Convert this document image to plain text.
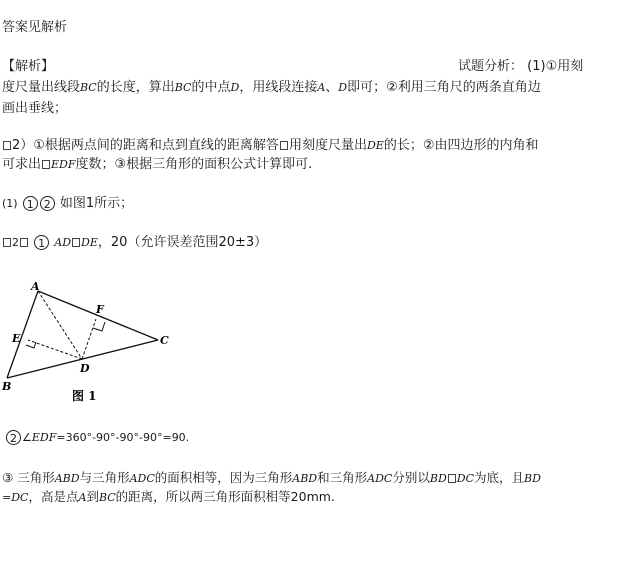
答案见解析
【解析】	试题分析： (1)①用刻
度尺量出线段BC的长度，算出BC的中点D，用线段连接A、D即可；②利用三角尺的两条直角边
画出垂线；
2）①根据两点间的距离和点到直线的距离解答 用刻度尺量出DE的长；②由四边形的内角和
可求出 EDF度数；③根据三角形的面积公式计算即可.
(1) 1 2 如图1所示；
2 1 AD DE，20（允许误差范围20±3）
A
B
C
D
E
F
图 1
2 ∠EDF=360°-90°-90°-90°=90.
③ 三角形ABD与三角形ADC的面积相等，因为三角形ABD和三角形ADC分别以BD DC为底，且BD
=DC，高是点A到BC的距离，所以两三角形面积相等20mm.
